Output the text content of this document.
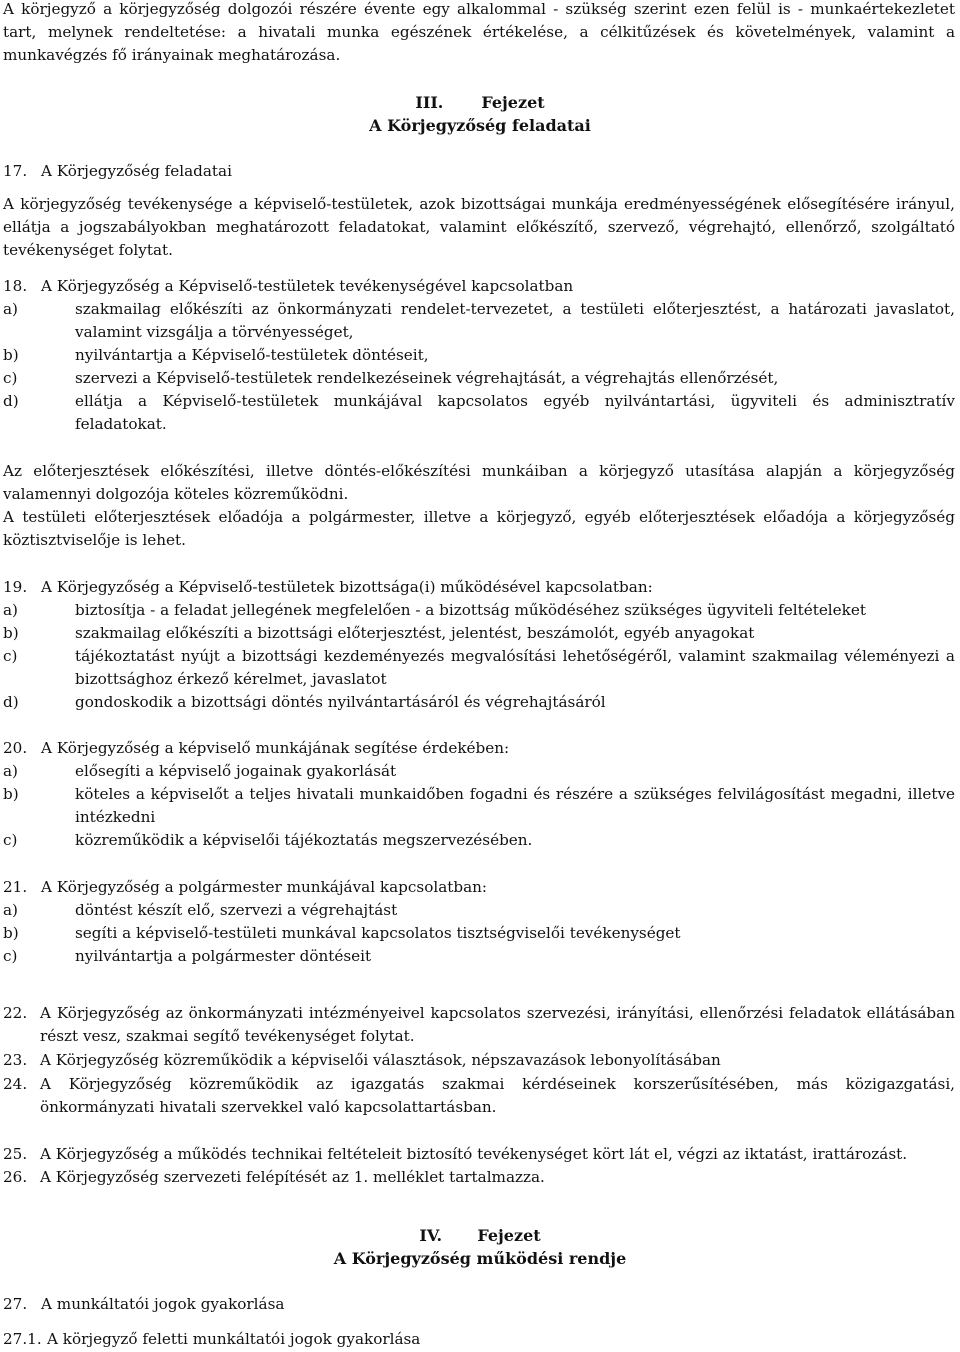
A körjegyző a körjegyzőség dolgozói részére évente egy alkalommal - szükség szerint ezen felül is - munkaértekezletet tart, melynek rendeltetése: a hivatali munka egészének értékelése, a célkitűzések és követelmények, valamint a munkavégzés fő irányainak meghatározása.
III. Fejezet
A Körjegyzőség feladatai
17. A Körjegyzőség feladatai
A körjegyzőség tevékenysége a képviselő-testületek, azok bizottságai munkája eredményességének elősegítésére irányul, ellátja a jogszabályokban meghatározott feladatokat, valamint előkészítő, szervező, végrehajtó, ellenőrző, szolgáltató tevékenységet folytat.
18. A Körjegyzőség a Képviselő-testületek tevékenységével kapcsolatban
a)	szakmailag előkészíti az önkormányzati rendelet-tervezetet, a testületi előterjesztést, a határozati javaslatot, valamint vizsgálja a törvényességet,
b)	nyilvántartja a Képviselő-testületek döntéseit,
c)	szervezi a Képviselő-testületek rendelkezéseinek végrehajtását, a végrehajtás ellenőrzését,
d)	ellátja a Képviselő-testületek munkájával kapcsolatos egyéb nyilvántartási, ügyviteli és adminisztratív feladatokat.
Az előterjesztések előkészítési, illetve döntés-előkészítési munkáiban a körjegyző utasítása alapján a körjegyzőség valamennyi dolgozója köteles közreműködni.
A testületi előterjesztések előadója a polgármester, illetve a körjegyző, egyéb előterjesztések előadója a körjegyzőség köztisztviselője is lehet.
19. A Körjegyzőség a Képviselő-testületek bizottsága(i) működésével kapcsolatban:
a)	biztosítja - a feladat jellegének megfelelően - a bizottság működéséhez szükséges ügyviteli feltételeket
b)	szakmailag előkészíti a bizottsági előterjesztést, jelentést, beszámolót, egyéb anyagokat
c)	tájékoztatást nyújt a bizottsági kezdeményezés megvalósítási lehetőségéről, valamint szakmailag véleményezi a bizottsághoz érkező kérelmet, javaslatot
d)	gondoskodik a bizottsági döntés nyilvántartásáról és végrehajtásáról
20. A Körjegyzőség a képviselő munkájának segítése érdekében:
a)	elősegíti a képviselő jogainak gyakorlását
b)	köteles a képviselőt a teljes hivatali munkaidőben fogadni és részére a szükséges felvilágosítást megadni, illetve intézkedni
c)	közreműködik a képviselői tájékoztatás megszervezésében.
21. A Körjegyzőség a polgármester munkájával kapcsolatban:
a)	döntést készít elő, szervezi a végrehajtást
b)	segíti a képviselő-testületi munkával kapcsolatos tisztségviselői tevékenységet
c)	nyilvántartja a polgármester döntéseit
22. A Körjegyzőség az önkormányzati intézményeivel kapcsolatos szervezési, irányítási, ellenőrzési feladatok ellátásában részt vesz, szakmai segítő tevékenységet folytat.
23. A Körjegyzőség közreműködik a képviselői választások, népszavazások lebonyolításában
24. A Körjegyzőség közreműködik az igazgatás szakmai kérdéseinek korszerűsítésében, más közigazgatási, önkormányzati hivatali szervekkel való kapcsolattartásban.
25. A Körjegyzőség a működés technikai feltételeit biztosító tevékenységet kört lát el, végzi az iktatást, irattározást.
26. A Körjegyzőség szervezeti felépítését az 1. melléklet tartalmazza.
IV. Fejezet
A Körjegyzőség működési rendje
27. A munkáltatói jogok gyakorlása
27.1. A körjegyző feletti munkáltatói jogok gyakorlása
